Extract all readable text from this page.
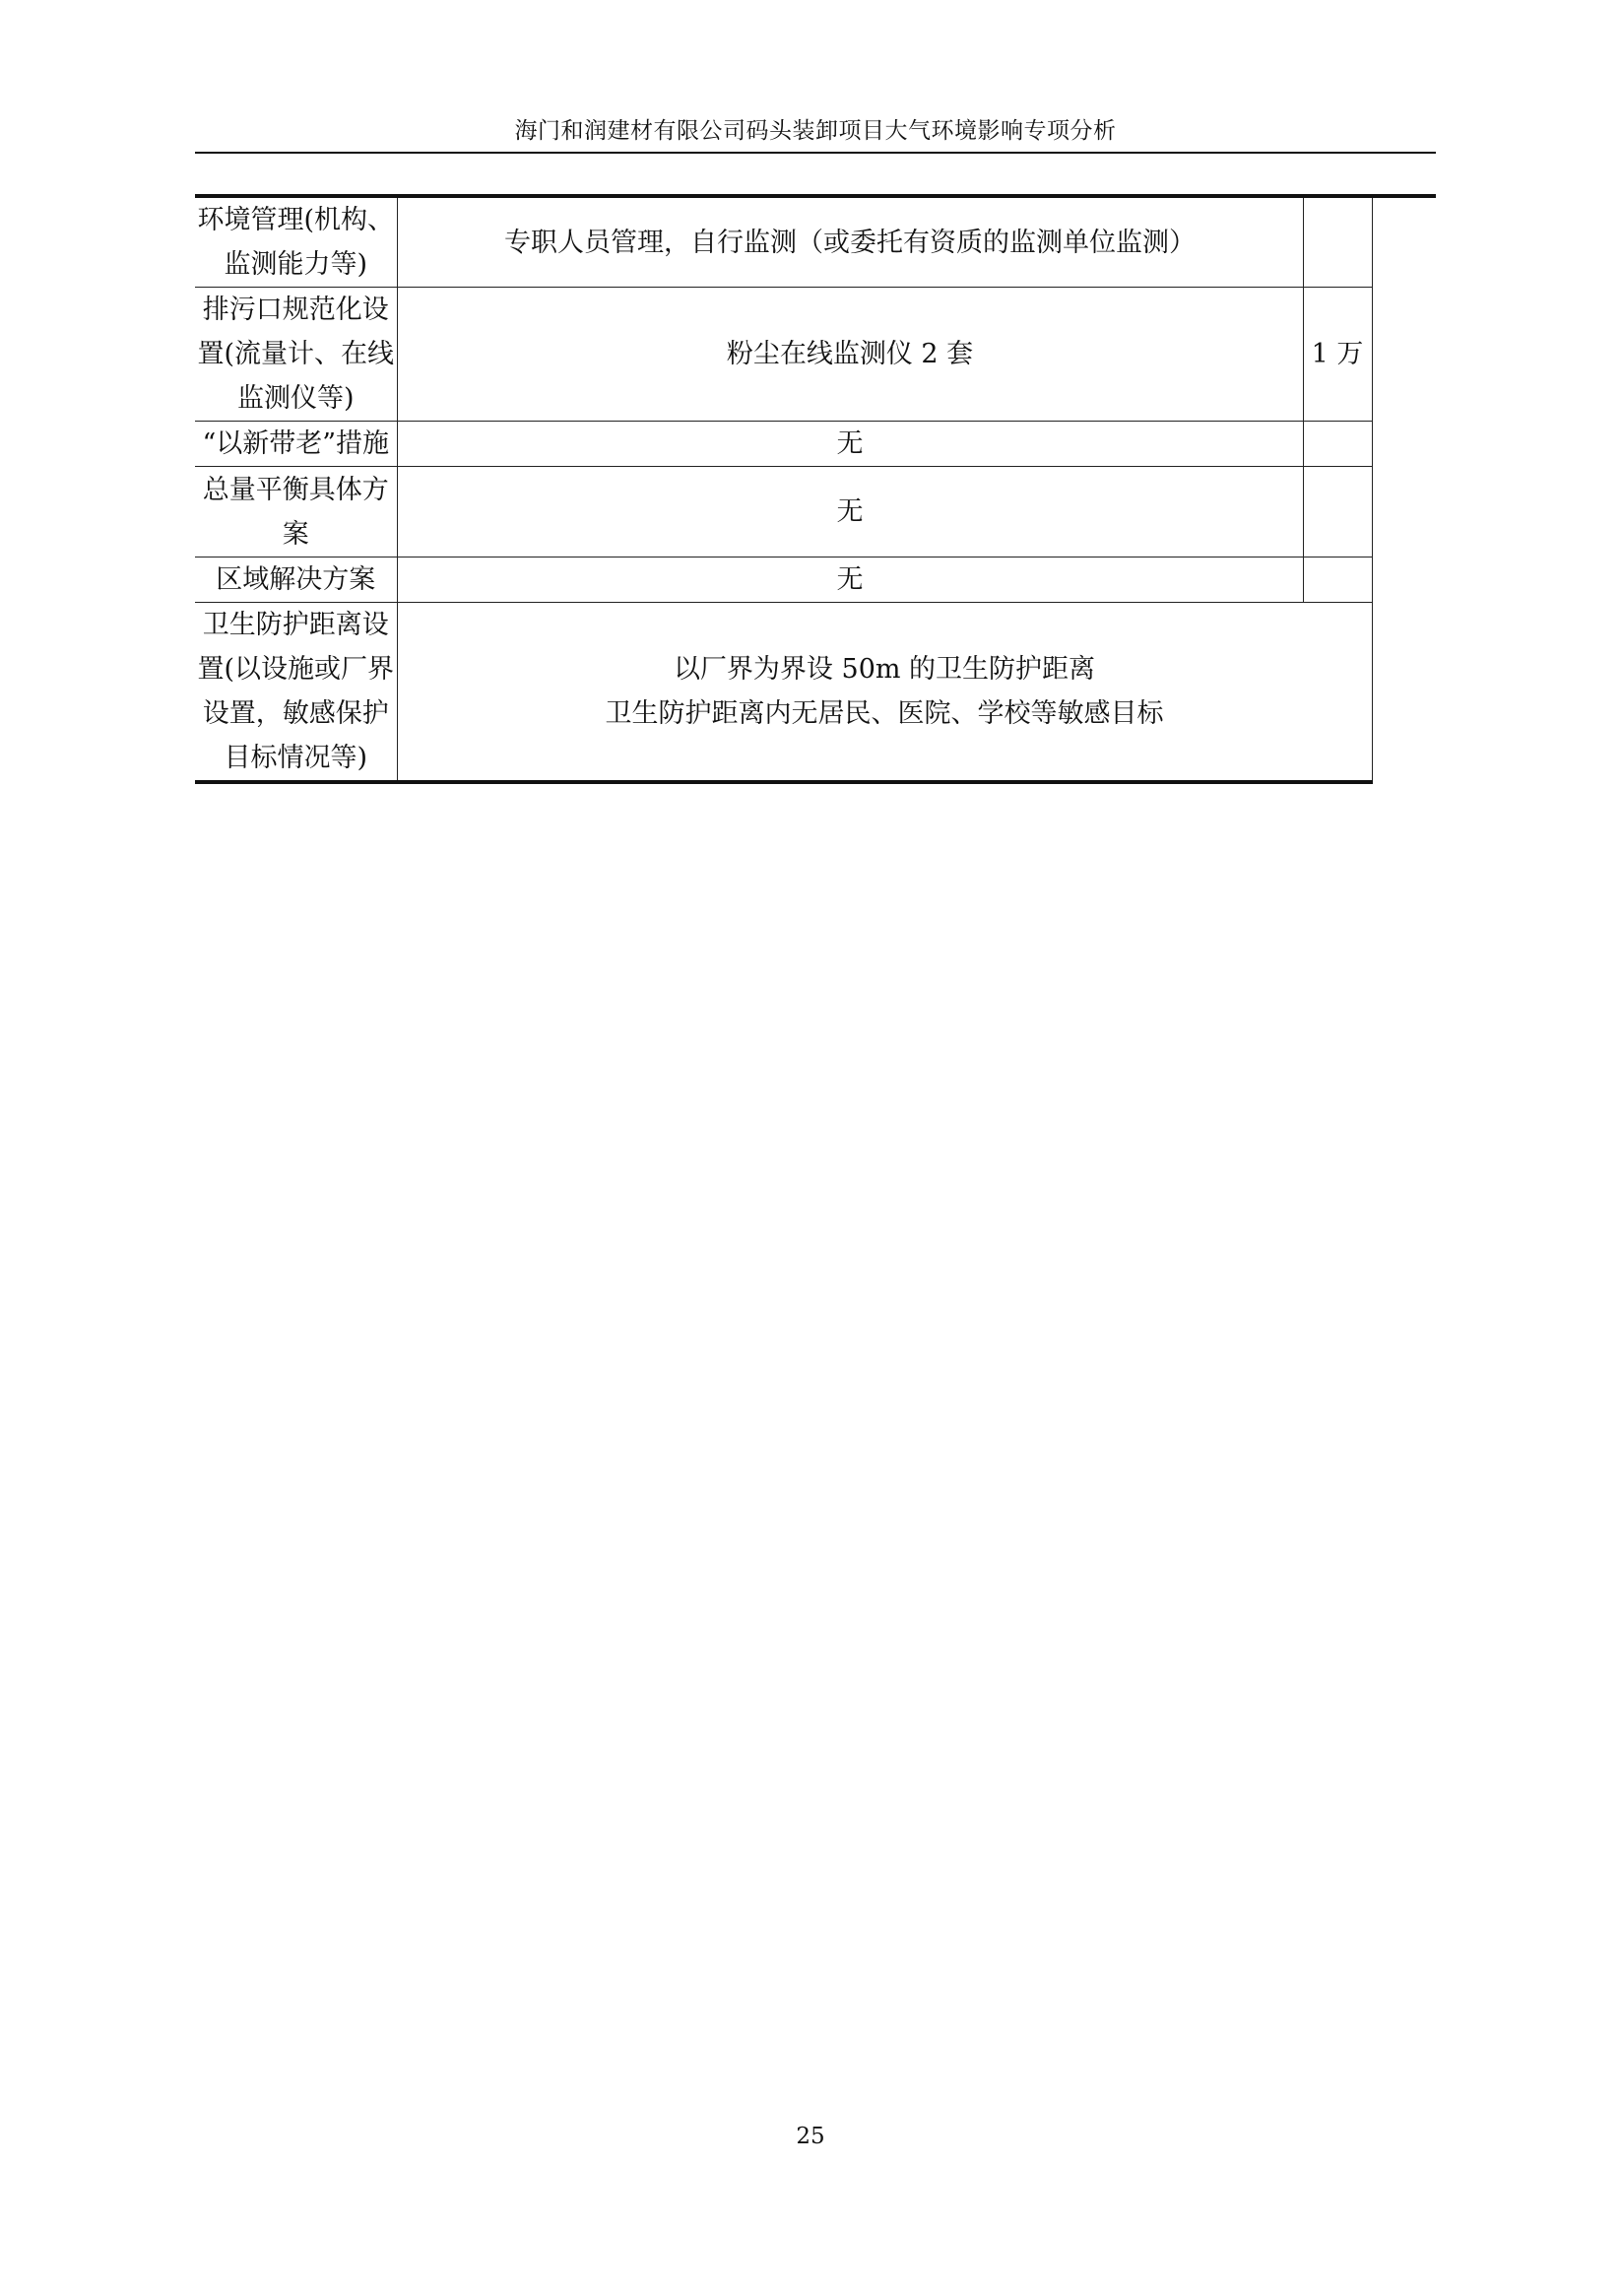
海门和润建材有限公司码头装卸项目大气环境影响专项分析
环境管理(机构、监测能力等)	专职人员管理，自行监测（或委托有资质的监测单位监测）		
排污口规范化设置(流量计、在线监测仪等)	粉尘在线监测仪 2 套	1 万	
“以新带老”措施	无		
总量平衡具体方案	无		
区域解决方案	无		
卫生防护距离设置(以设施或厂界设置，敏感保护目标情况等)	以厂界为界设 50m 的卫生防护距离
卫生防护距离内无居民、医院、学校等敏感目标		
25
